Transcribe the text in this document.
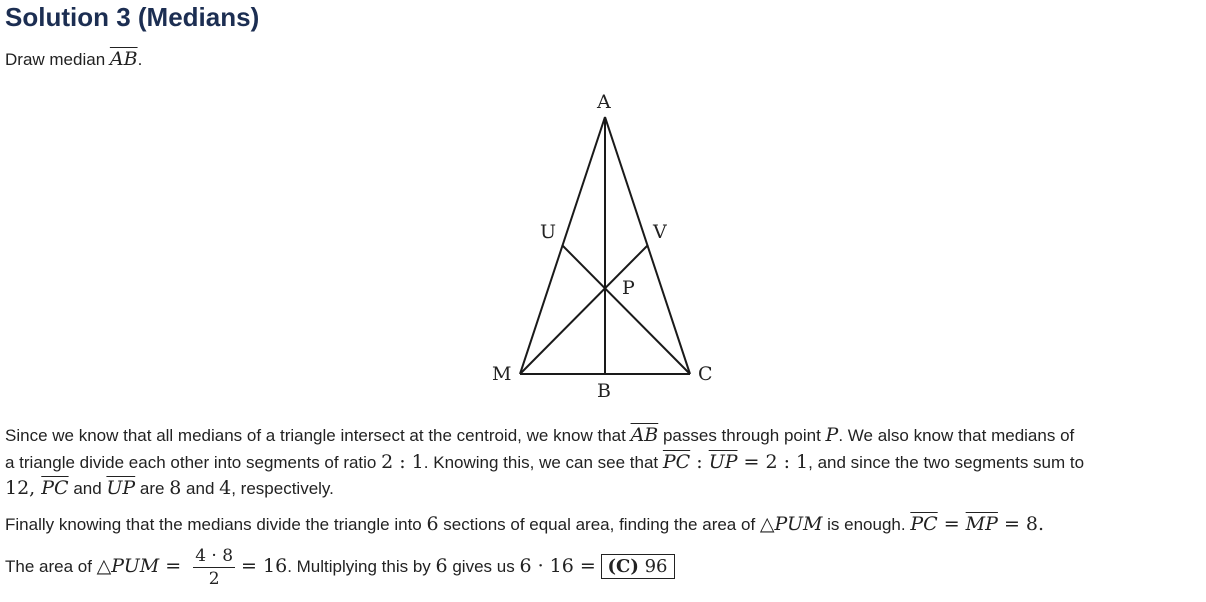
Solution 3 (Medians)
Draw median $\overline{AB}$.
A
U	V
P
M
B
C
Since we know that all medians of a triangle intersect at the centroid, we know that $\overline{AB}$ passes through point P. We also know that medians of
a triangle divide each other into segments of ratio 2 : 1. Knowing this, we can see that $\overline{PC}$ : $\overline{UP} = 2$ : 1, and since the two segments sum to
12, $\overline{PC}$ and $\overline{UP}$ are 8 and 4, respectively.
Finally knowing that the medians divide the triangle into 6 sections of equal area, finding the area of △PUM is enough. $\overline{PC} = \overline{MP} = 8$.
The area of △PUM = $\frac{4 \cdot 8}{2} = 16$. Multiplying this by 6 gives us 6 · 16 = (C) 96
